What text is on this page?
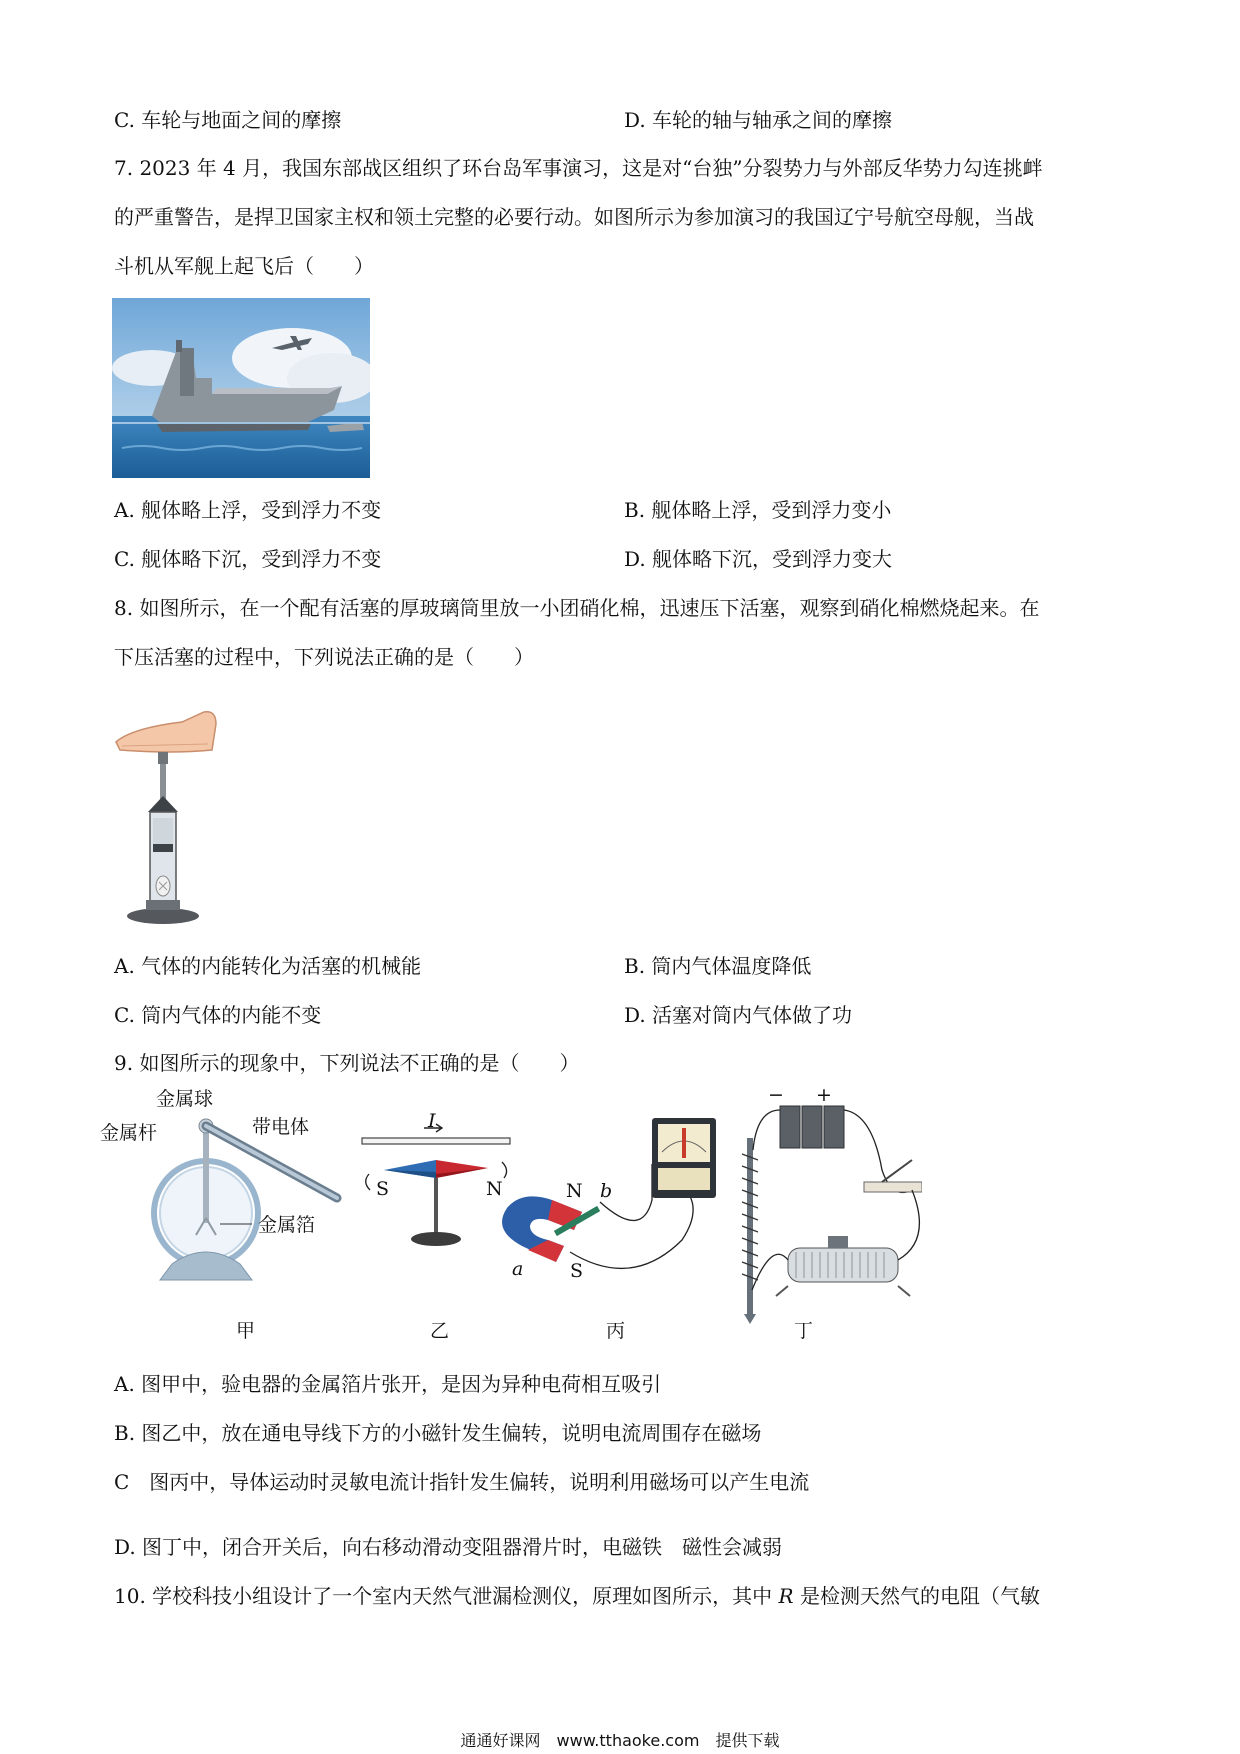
C. 车轮与地面之间的摩擦	D. 车轮的轴与轴承之间的摩擦
7. 2023 年 4 月，我国东部战区组织了环台岛军事演习，这是对“台独”分裂势力与外部反华势力勾连挑衅
的严重警告，是捍卫国家主权和领土完整的必要行动。如图所示为参加演习的我国辽宁号航空母舰，当战
斗机从军舰上起飞后（　　）
A. 舰体略上浮，受到浮力不变	B. 舰体略上浮，受到浮力变小
C. 舰体略下沉，受到浮力不变	D. 舰体略下沉，受到浮力变大
8. 如图所示，在一个配有活塞的厚玻璃筒里放一小团硝化棉，迅速压下活塞，观察到硝化棉燃烧起来。在
下压活塞的过程中，下列说法正确的是（　　）
A. 气体的内能转化为活塞的机械能	B. 筒内气体温度降低
C. 筒内气体的内能不变	D. 活塞对筒内气体做了功
9. 如图所示的现象中，下列说法不正确的是（　　）
金属球
金属杆	带电体
金属箔
I
S	N	N b
a S
− +
甲	乙	丙	丁
A. 图甲中，验电器的金属箔片张开，是因为异种电荷相互吸引
B. 图乙中，放在通电导线下方的小磁针发生偏转，说明电流周围存在磁场
C　图丙中，导体运动时灵敏电流计指针发生偏转，说明利用磁场可以产生电流
D. 图丁中，闭合开关后，向右移动滑动变阻器滑片时，电磁铁　磁性会减弱
10. 学校科技小组设计了一个室内天然气泄漏检测仪，原理如图所示，其中 R 是检测天然气的电阻（气敏
通通好课网　www.tthaoke.com　提供下载
